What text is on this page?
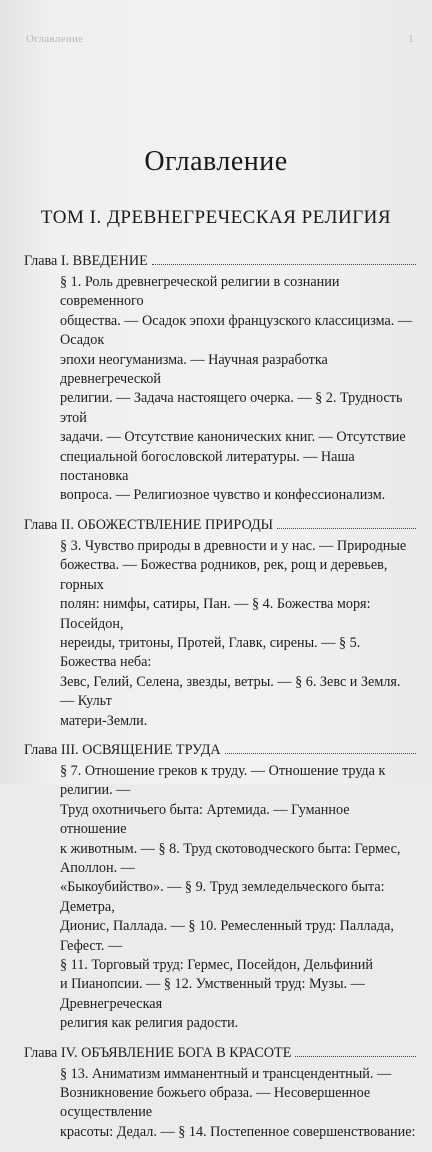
Оглавление	1
Оглавление
ТОМ I. ДРЕВНЕГРЕЧЕСКАЯ РЕЛИГИЯ
Глава I. ВВЕДЕНИЕ
§ 1. Роль древнегреческой религии в сознании современного
общества. — Осадок эпохи французского классицизма. — Осадок
эпохи неогуманизма. — Научная разработка древнегреческой
религии. — Задача настоящего очерка. — § 2. Трудность этой
задачи. — Отсутствие канонических книг. — Отсутствие
специальной богословской литературы. — Наша постановка
вопроса. — Религиозное чувство и конфессионализм.
Глава II. ОБОЖЕСТВЛЕНИЕ ПРИРОДЫ
§ 3. Чувство природы в древности и у нас. — Природные
божества. — Божества родников, рек, рощ и деревьев, горных
полян: нимфы, сатиры, Пан. — § 4. Божества моря: Посейдон,
нереиды, тритоны, Протей, Главк, сирены. — § 5. Божества неба:
Зевс, Гелий, Селена, звезды, ветры. — § 6. Зевс и Земля. — Культ
матери-Земли.
Глава III. ОСВЯЩЕНИЕ ТРУДА
§ 7. Отношение греков к труду. — Отношение труда к религии. —
Труд охотничьего быта: Артемида. — Гуманное отношение
к животным. — § 8. Труд скотоводческого быта: Гермес, Аполлон. —
«Быкоубийство». — § 9. Труд земледельческого быта: Деметра,
Дионис, Паллада. — § 10. Ремесленный труд: Паллада, Гефест. —
§ 11. Торговый труд: Гермес, Посейдон, Дельфиний
и Пианопсии. — § 12. Умственный труд: Музы. — Древнегреческая
религия как религия радости.
Глава IV. ОБЪЯВЛЕНИЕ БОГА В КРАСОТЕ
§ 13. Аниматизм имманентный и трансцендентный. —
Возникновение божьего образа. — Несовершенное осуществление
красоты: Дедал. — § 14. Постепенное совершенствование:
